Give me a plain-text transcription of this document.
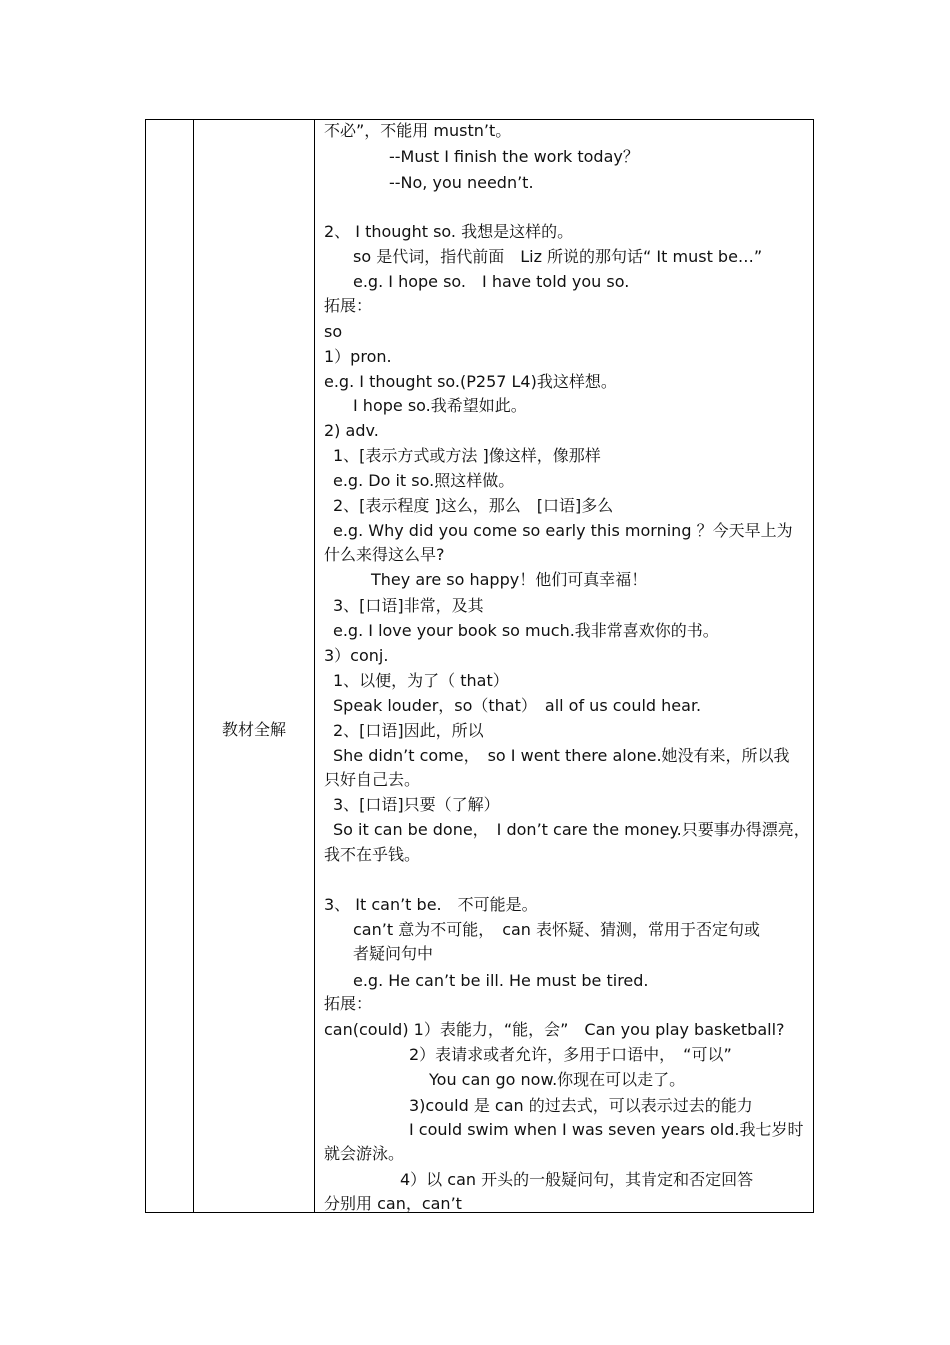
教材全解
不必”，不能用 mustn’t。
--Must I finish the work today？
--No, you needn’t.
2、 I thought so. 我想是这样的。
so 是代词，指代前面　Liz 所说的那句话“ It must be…”
e.g. I hope so.　I have told you so.
拓展：
so
1）pron.
e.g. I thought so.(P257 L4)我这样想。
I hope so.我希望如此。
2) adv.
1、[表示方式或方法 ]像这样，像那样
e.g. Do it so.照这样做。
2、[表示程度 ]这么，那么　[口语]多么
e.g. Why did you come so early this morning ？今天早上为
什么来得这么早?
They are so happy！他们可真幸福！
3、[口语]非常，及其
e.g. I love your book so much.我非常喜欢你的书。
3）conj.
1、以便，为了（ that）
Speak louder，so（that）　all of us could hear.
2、[口语]因此，所以
She didn’t come，　so I went there alone.她没有来，所以我
只好自己去。
3、[口语]只要（了解）
So it can be done，　I don’t care the money.只要事办得漂亮，
我不在乎钱。
3、 It can’t be.　不可能是。
can’t 意为不可能，　can 表怀疑、猜测，常用于否定句或
者疑问句中
e.g. He can’t be ill. He must be tired.
拓展：
can(could) 1）表能力，“能，会”　Can you play basketball?
2）表请求或者允许，多用于口语中，　“可以”
You can go now.你现在可以走了。
3)could 是 can 的过去式，可以表示过去的能力
I could swim when I was seven years old.我七岁时
就会游泳。
4）以 can 开头的一般疑问句，其肯定和否定回答
分别用 can，can’t
